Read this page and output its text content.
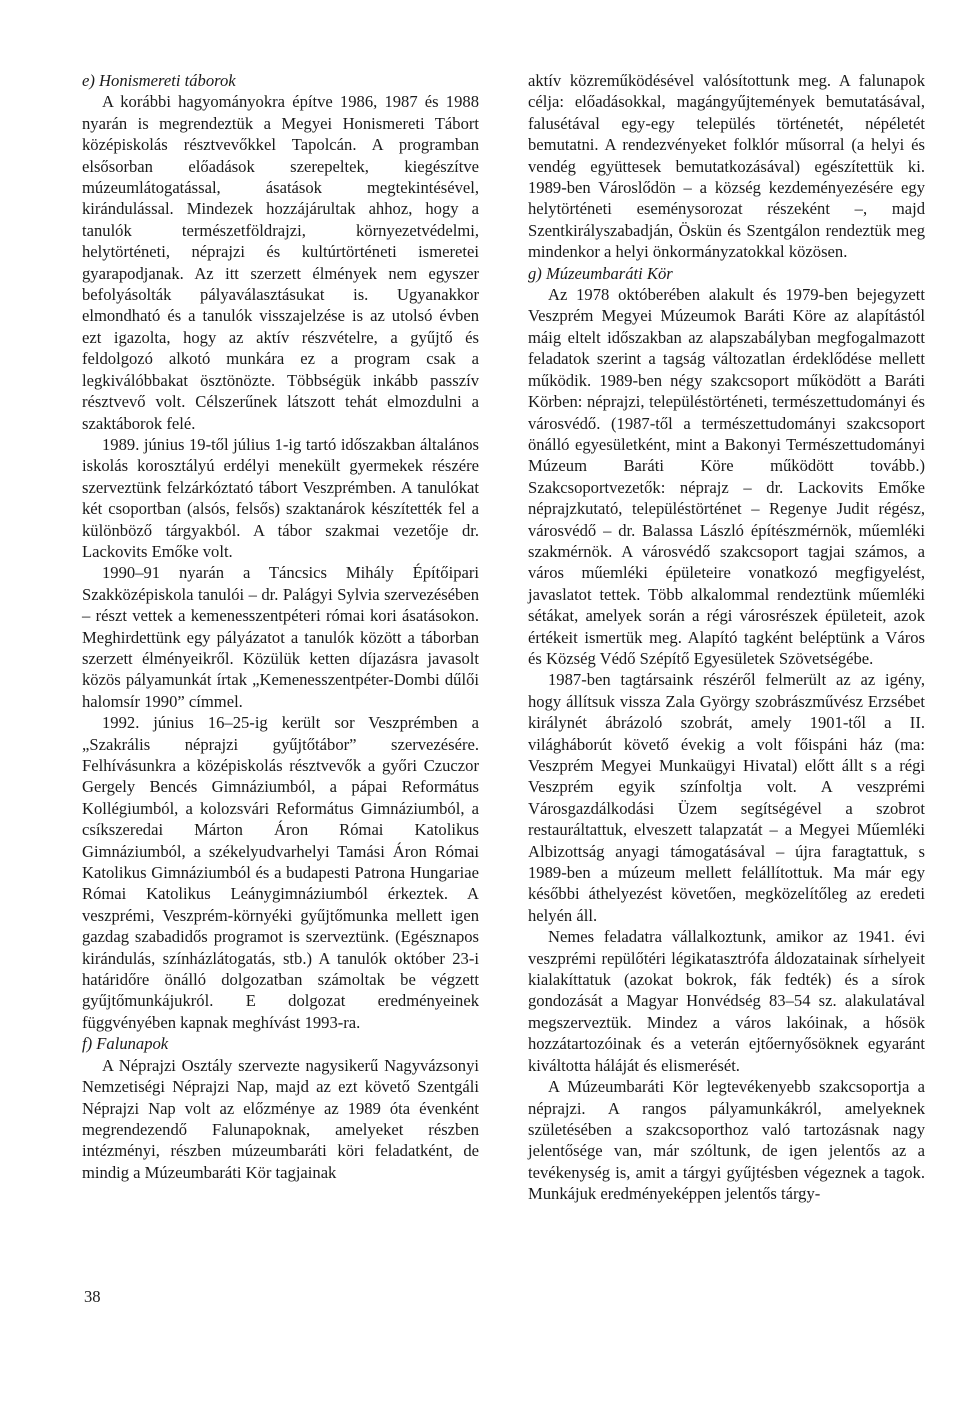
e) Honismereti táborok

A korábbi hagyományokra építve 1986, 1987 és 1988 nyarán is megrendeztük a Megyei Honismereti Tábort középiskolás résztvevőkkel Tapolcán. A programban elsősorban előadások szerepeltek, kiegészítve múzeumlátogatással, ásatások megtekintésével, kirándulással. Mindezek hozzájárultak ahhoz, hogy a tanulók természetföldrajzi, környezetvédelmi, helytörténeti, néprajzi és kultúrtörténeti ismeretei gyarapodjanak. Az itt szerzett élmények nem egyszer befolyásolták pályaválasztásukat is. Ugyanakkor elmondható és a tanulók visszajelzése is az utolsó évben ezt igazolta, hogy az aktív részvételre, a gyűjtő és feldolgozó alkotó munkára ez a program csak a legkiválóbbakat ösztönözte. Többségük inkább passzív résztvevő volt. Célszerűnek látszott tehát elmozdulni a szaktáborok felé.

1989. június 19-től július 1-ig tartó időszakban általános iskolás korosztályú erdélyi menekült gyermekek részére szerveztünk felzárkóztató tábort Veszprémben. A tanulókat két csoportban (alsós, felsős) szaktanárok készítették fel a különböző tárgyakból. A tábor szakmai vezetője dr. Lackovits Emőke volt.

1990–91 nyarán a Táncsics Mihály Építőipari Szakközépiskola tanulói – dr. Palágyi Sylvia szervezésében – részt vettek a kemenesszentpéteri római kori ásatásokon. Meghirdettünk egy pályázatot a tanulók között a táborban szerzett élményeikről. Közülük ketten díjazásra javasolt közös pályamunkát írtak „Kemenesszentpéter-Dombi dűlői halomsír 1990” címmel.

1992. június 16–25-ig került sor Veszprémben a „Szakrális néprajzi gyűjtőtábor” szervezésére. Felhívásunkra a középiskolás résztvevők a győri Czuczor Gergely Bencés Gimnáziumból, a pápai Református Kollégiumból, a kolozsvári Református Gimnáziumból, a csíkszeredai Márton Áron Római Katolikus Gimnáziumból, a székelyudvarhelyi Tamási Áron Római Katolikus Gimnáziumból és a budapesti Patrona Hungariae Római Katolikus Leánygimnáziumból érkeztek. A veszprémi, Veszprém-környéki gyűjtőmunka mellett igen gazdag szabadidős programot is szerveztünk. (Egésznapos kirándulás, színházlátogatás, stb.) A tanulók október 23-i határidőre önálló dolgozatban számoltak be végzett gyűjtőmunkájukról. E dolgozat eredményeinek függvényében kapnak meghívást 1993-ra.

f) Falunapok

A Néprajzi Osztály szervezte nagysikerű Nagyvázsonyi Nemzetiségi Néprajzi Nap, majd az ezt követő Szentgáli Néprajzi Nap volt az előzménye az 1989 óta évenként megrendezendő Falunapoknak, amelyeket részben intézményi, részben múzeumbaráti köri feladatként, de mindig a Múzeumbaráti Kör tagjainak

aktív közreműködésével valósítottunk meg. A falunapok célja: előadásokkal, magángyűjtemények bemutatásával, falusétával egy-egy település történetét, népéletét bemutatni. A rendezvényeket folklór műsorral (a helyi és vendég együttesek bemutatkozásával) egészítettük ki. 1989-ben Városlődön – a község kezdeményezésére egy helytörténeti eseménysorozat részeként –, majd Szentkirályszabadján, Öskün és Szentgálon rendeztük meg mindenkor a helyi önkormányzatokkal közösen.

g) Múzeumbaráti Kör

Az 1978 októberében alakult és 1979-ben bejegyzett Veszprém Megyei Múzeumok Baráti Köre az alapítástól máig eltelt időszakban az alapszabályban megfogalmazott feladatok szerint a tagság változatlan érdeklődése mellett működik. 1989-ben négy szakcsoport működött a Baráti Körben: néprajzi, településtörténeti, természettudományi és városvédő. (1987-től a természettudományi szakcsoport önálló egyesületként, mint a Bakonyi Természettudományi Múzeum Baráti Köre működött tovább.) Szakcsoportvezetők: néprajz – dr. Lackovits Emőke néprajzkutató, településtörténet – Regenye Judit régész, városvédő – dr. Balassa László építészmérnök, műemléki szakmérnök. A városvédő szakcsoport tagjai számos, a város műemléki épületeire vonatkozó megfigyelést, javaslatot tettek. Több alkalommal rendeztünk műemléki sétákat, amelyek során a régi városrészek épületeit, azok értékeit ismertük meg. Alapító tagként beléptünk a Város és Község Védő Szépítő Egyesületek Szövetségébe.

1987-ben tagtársaink részéről felmerült az az igény, hogy állítsuk vissza Zala György szobrászművész Erzsébet királynét ábrázoló szobrát, amely 1901-től a II. világháborút követő évekig a volt főispáni ház (ma: Veszprém Megyei Munkaügyi Hivatal) előtt állt s a régi Veszprém egyik színfoltja volt. A veszprémi Városgazdálkodási Üzem segítségével a szobrot restauráltattuk, elveszett talapzatát – a Megyei Műemléki Albizottság anyagi támogatásával – újra faragtattuk, s 1989-ben a múzeum mellett felállítottuk. Ma már egy későbbi áthelyezést követően, megközelítőleg az eredeti helyén áll.

Nemes feladatra vállalkoztunk, amikor az 1941. évi veszprémi repülőtéri légikatasztrófa áldozatainak sírhelyeit kialakíttatuk (azokat bokrok, fák fedték) és a sírok gondozását a Magyar Honvédség 83–54 sz. alakulatával megszerveztük. Mindez a város lakóinak, a hősök hozzátartozóinak és a veterán ejtőernyősöknek egyaránt kiváltotta háláját és elismerését.

A Múzeumbaráti Kör legtevékenyebb szakcsoportja a néprajzi. A rangos pályamunkákról, amelyeknek születésében a szakcsoporthoz való tartozásnak nagy jelentősége van, már szóltunk, de igen jelentős az a tevékenység is, amit a tárgyi gyűjtésben végeznek a tagok. Munkájuk eredményeképpen jelentős tárgy-

38
